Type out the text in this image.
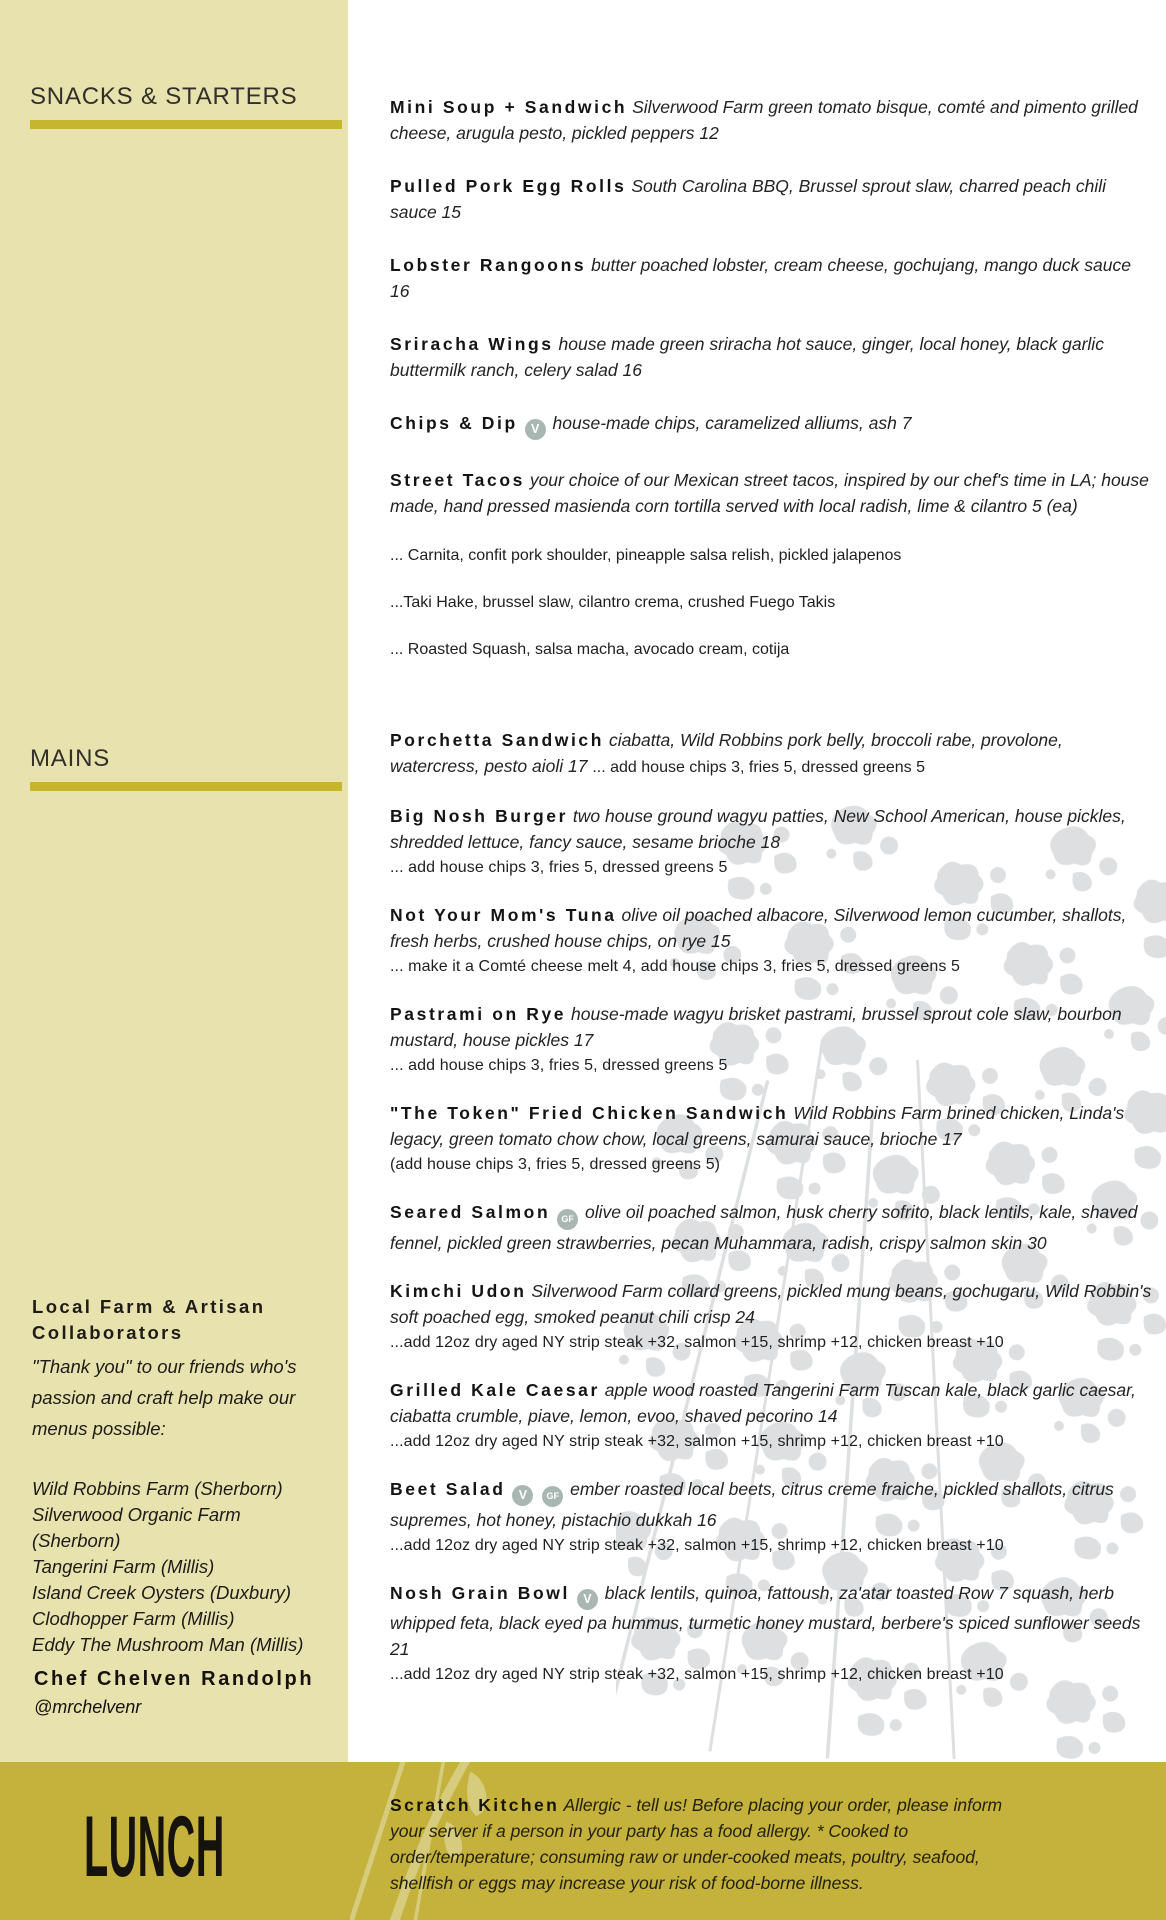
SNACKS & STARTERS
MAINS
Local Farm & Artisan Collaborators
"Thank you" to our friends who's passion and craft help make our menus possible:
Wild Robbins Farm (Sherborn)
Silverwood Organic Farm (Sherborn)
Tangerini Farm (Millis)
Island Creek Oysters (Duxbury)
Clodhopper Farm (Millis)
Eddy The Mushroom Man (Millis)
Chef Chelven Randolph
@mrchelvenr
Mini Soup + Sandwich Silverwood Farm green tomato bisque, comté and pimento grilled cheese, arugula pesto, pickled peppers 12
Pulled Pork Egg Rolls South Carolina BBQ, Brussel sprout slaw, charred peach chili sauce 15
Lobster Rangoons butter poached lobster, cream cheese, gochujang, mango duck sauce 16
Sriracha Wings house made green sriracha hot sauce, ginger, local honey, black garlic buttermilk ranch, celery salad 16
Chips & Dip V house-made chips, caramelized alliums, ash 7
Street Tacos your choice of our Mexican street tacos, inspired by our chef's time in LA; house made, hand pressed masienda corn tortilla served with local radish, lime & cilantro 5 (ea)
... Carnita, confit pork shoulder, pineapple salsa relish, pickled jalapenos
...Taki Hake, brussel slaw, cilantro crema, crushed Fuego Takis
... Roasted Squash, salsa macha, avocado cream, cotija
Porchetta Sandwich ciabatta, Wild Robbins pork belly, broccoli rabe, provolone, watercress, pesto aioli 17 ... add house chips 3, fries 5, dressed greens 5
Big Nosh Burger two house ground wagyu patties, New School American, house pickles, shredded lettuce, fancy sauce, sesame brioche 18
... add house chips 3, fries 5, dressed greens 5
Not Your Mom's Tuna olive oil poached albacore, Silverwood lemon cucumber, shallots, fresh herbs, crushed house chips, on rye 15
... make it a Comté cheese melt 4, add house chips 3, fries 5, dressed greens 5
Pastrami on Rye house-made wagyu brisket pastrami, brussel sprout cole slaw, bourbon mustard, house pickles 17
... add house chips 3, fries 5, dressed greens 5
"The Token" Fried Chicken Sandwich Wild Robbins Farm brined chicken, Linda's legacy, green tomato chow chow, local greens, samurai sauce, brioche 17
(add house chips 3, fries 5, dressed greens 5)
Seared Salmon GF olive oil poached salmon, husk cherry sofrito, black lentils, kale, shaved fennel, pickled green strawberries, pecan Muhammara, radish, crispy salmon skin 30
Kimchi Udon Silverwood Farm collard greens, pickled mung beans, gochugaru, Wild Robbin's soft poached egg, smoked peanut chili crisp 24
...add 12oz dry aged NY strip steak +32, salmon +15, shrimp +12, chicken breast +10
Grilled Kale Caesar apple wood roasted Tangerini Farm Tuscan kale, black garlic caesar, ciabatta crumble, piave, lemon, evoo, shaved pecorino 14
...add 12oz dry aged NY strip steak +32, salmon +15, shrimp +12, chicken breast +10
Beet Salad V GF ember roasted local beets, citrus creme fraiche, pickled shallots, citrus supremes, hot honey, pistachio dukkah 16
...add 12oz dry aged NY strip steak +32, salmon +15, shrimp +12, chicken breast +10
Nosh Grain Bowl V black lentils, quinoa, fattoush, za'atar toasted Row 7 squash, herb whipped feta, black eyed pa hummus, turmetic honey mustard, berbere's spiced sunflower seeds 21
...add 12oz dry aged NY strip steak +32, salmon +15, shrimp +12, chicken breast +10
LUNCH	Scratch Kitchen Allergic - tell us! Before placing your order, please inform your server if a person in your party has a food allergy. * Cooked to order/temperature; consuming raw or under-cooked meats, poultry, seafood, shellfish or eggs may increase your risk of food-borne illness.
